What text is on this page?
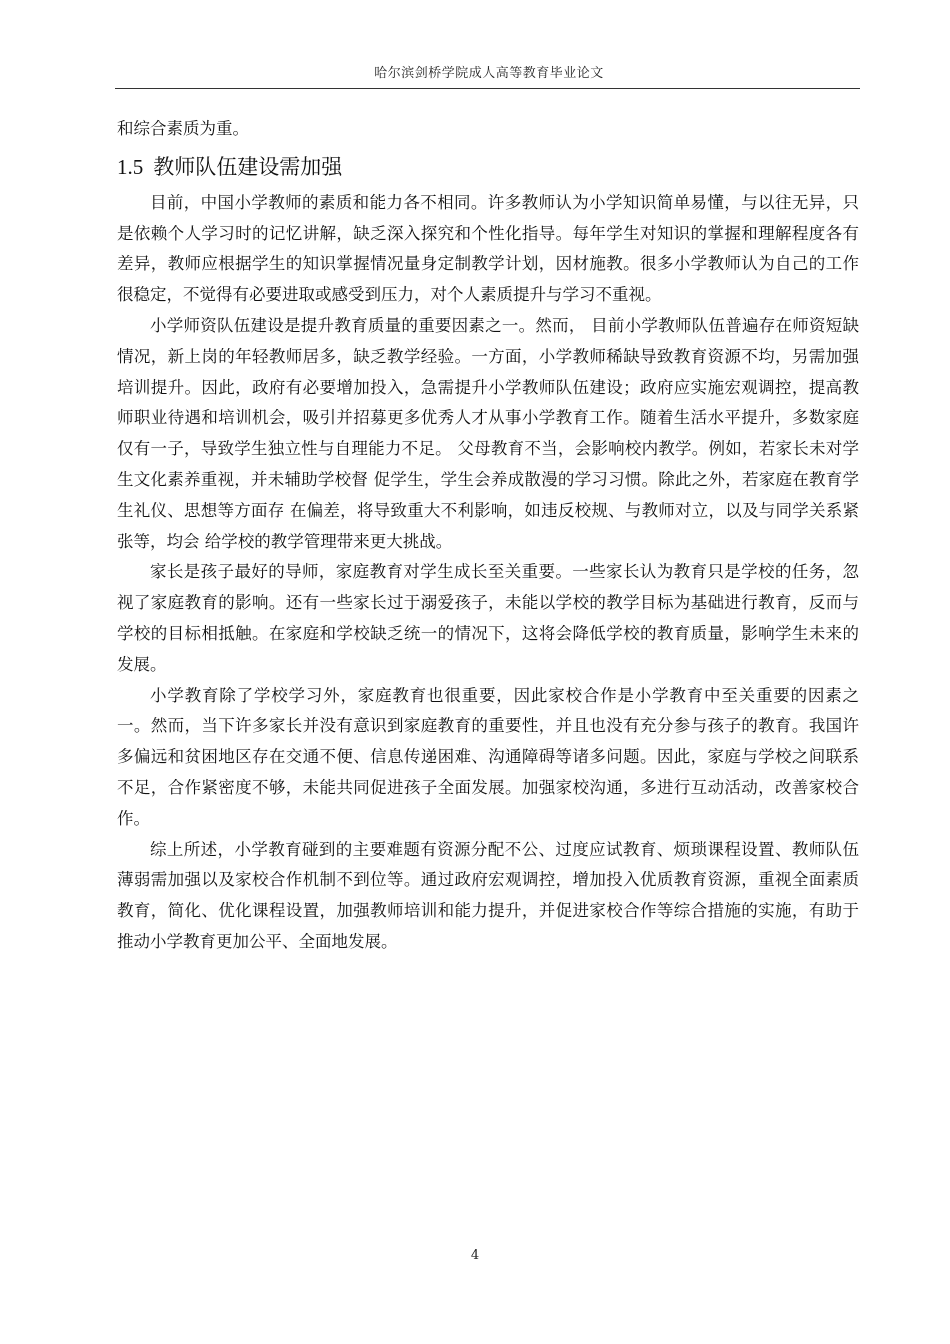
哈尔滨剑桥学院成人高等教育毕业论文

和综合素质为重。

1.5 教师队伍建设需加强

目前，中国小学教师的素质和能力各不相同。许多教师认为小学知识简单易懂，与以往无异，只是依赖个人学习时的记忆讲解，缺乏深入探究和个性化指导。每年学生对知识的掌握和理解程度各有差异，教师应根据学生的知识掌握情况量身定制教学计划，因材施教。很多小学教师认为自己的工作很稳定，不觉得有必要进取或感受到压力，对个人素质提升与学习不重视。

小学师资队伍建设是提升教育质量的重要因素之一。然而， 目前小学教师队伍普遍存在师资短缺情况，新上岗的年轻教师居多，缺乏教学经验。一方面，小学教师稀缺导致教育资源不均，另需加强培训提升。因此，政府有必要增加投入，急需提升小学教师队伍建设；政府应实施宏观调控，提高教师职业待遇和培训机会，吸引并招募更多优秀人才从事小学教育工作。随着生活水平提升，多数家庭仅有一子，导致学生独立性与自理能力不足。 父母教育不当，会影响校内教学。例如，若家长未对学生文化素养重视，并未辅助学校督 促学生，学生会养成散漫的学习习惯。除此之外，若家庭在教育学生礼仪、思想等方面存 在偏差，将导致重大不利影响，如违反校规、与教师对立，以及与同学关系紧张等，均会 给学校的教学管理带来更大挑战。

家长是孩子最好的导师，家庭教育对学生成长至关重要。一些家长认为教育只是学校的任务，忽视了家庭教育的影响。还有一些家长过于溺爱孩子，未能以学校的教学目标为基础进行教育，反而与学校的目标相抵触。在家庭和学校缺乏统一的情况下，这将会降低学校的教育质量，影响学生未来的发展。

小学教育除了学校学习外，家庭教育也很重要，因此家校合作是小学教育中至关重要的因素之一。然而，当下许多家长并没有意识到家庭教育的重要性，并且也没有充分参与孩子的教育。我国许多偏远和贫困地区存在交通不便、信息传递困难、沟通障碍等诸多问题。因此，家庭与学校之间联系不足，合作紧密度不够，未能共同促进孩子全面发展。加强家校沟通，多进行互动活动，改善家校合作。

综上所述，小学教育碰到的主要难题有资源分配不公、过度应试教育、烦琐课程设置、教师队伍薄弱需加强以及家校合作机制不到位等。通过政府宏观调控，增加投入优质教育资源，重视全面素质教育，简化、优化课程设置，加强教师培训和能力提升，并促进家校合作等综合措施的实施，有助于推动小学教育更加公平、全面地发展。

4
